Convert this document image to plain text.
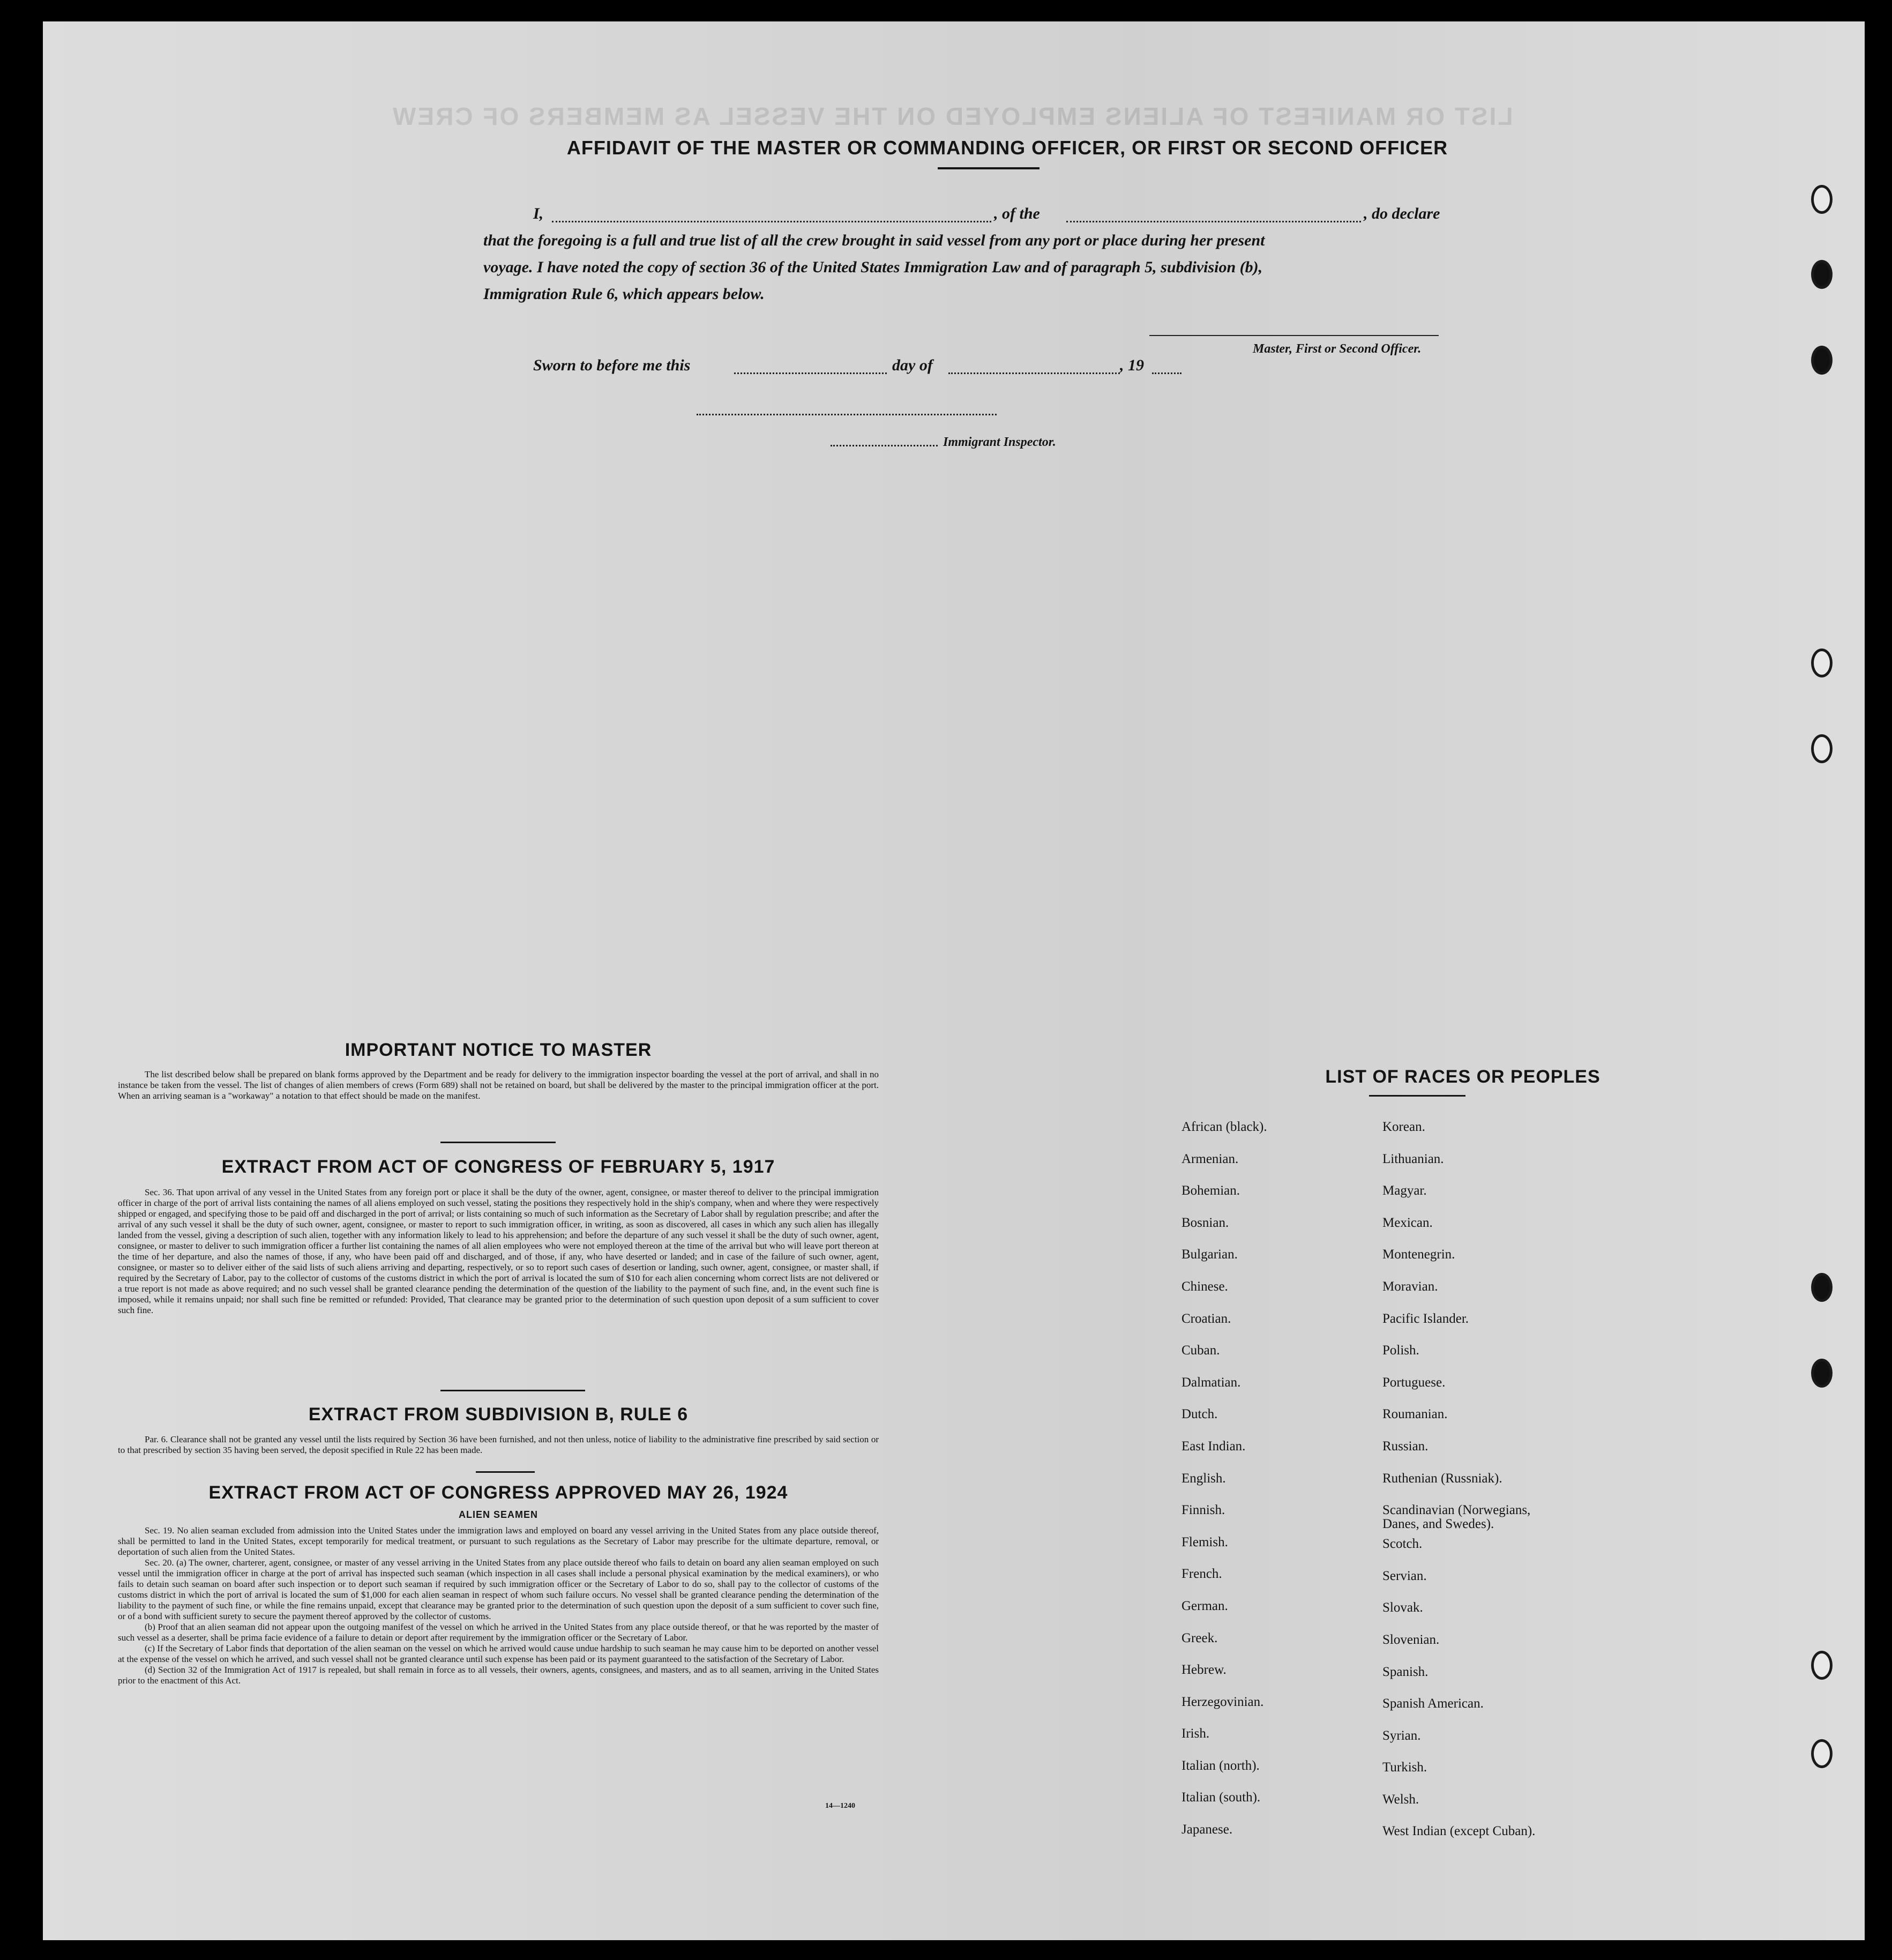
LIST OR MANIFEST OF ALIENS EMPLOYED ON THE VESSEL AS MEMBERS OF CREW
AFFIDAVIT OF THE MASTER OR COMMANDING OFFICER, OR FIRST OR SECOND OFFICER
I,	, of the	, do declare
that the foregoing is a full and true list of all the crew brought in said vessel from any port or place during her present
voyage. I have noted the copy of section 36 of the United States Immigration Law and of paragraph 5, subdivision (b),
Immigration Rule 6, which appears below.
Master, First or Second Officer.
Sworn to before me this	day of	, 19
Immigrant Inspector.
IMPORTANT NOTICE TO MASTER

The list described below shall be prepared on blank forms approved by the Department and be ready for delivery to the immigration inspector boarding the vessel at the port of arrival, and shall in no instance be taken from the vessel. The list of changes of alien members of crews (Form 689) shall not be retained on board, but shall be delivered by the master to the principal immigration officer at the port. When an arriving seaman is a "workaway" a notation to that effect should be made on the manifest.

EXTRACT FROM ACT OF CONGRESS OF FEBRUARY 5, 1917

Sec. 36. That upon arrival of any vessel in the United States from any foreign port or place it shall be the duty of the owner, agent, consignee, or master thereof to deliver to the principal immigration officer in charge of the port of arrival lists containing the names of all aliens employed on such vessel, stating the positions they respectively hold in the ship's company, when and where they were respectively shipped or engaged, and specifying those to be paid off and discharged in the port of arrival; or lists containing so much of such information as the Secretary of Labor shall by regulation prescribe; and after the arrival of any such vessel it shall be the duty of such owner, agent, consignee, or master to report to such immigration officer, in writing, as soon as discovered, all cases in which any such alien has illegally landed from the vessel, giving a description of such alien, together with any information likely to lead to his apprehension; and before the departure of any such vessel it shall be the duty of such owner, agent, consignee, or master to deliver to such immigration officer a further list containing the names of all alien employees who were not employed thereon at the time of the arrival but who will leave port thereon at the time of her departure, and also the names of those, if any, who have been paid off and discharged, and of those, if any, who have deserted or landed; and in case of the failure of such owner, agent, consignee, or master so to deliver either of the said lists of such aliens arriving and departing, respectively, or so to report such cases of desertion or landing, such owner, agent, consignee, or master shall, if required by the Secretary of Labor, pay to the collector of customs of the customs district in which the port of arrival is located the sum of $10 for each alien concerning whom correct lists are not delivered or a true report is not made as above required; and no such vessel shall be granted clearance pending the determination of the question of the liability to the payment of such fine, and, in the event such fine is imposed, while it remains unpaid; nor shall such fine be remitted or refunded: Provided, That clearance may be granted prior to the determination of such question upon deposit of a sum sufficient to cover such fine.

EXTRACT FROM SUBDIVISION B, RULE 6

Par. 6. Clearance shall not be granted any vessel until the lists required by Section 36 have been furnished, and not then unless, notice of liability to the administrative fine prescribed by said section or to that prescribed by section 35 having been served, the deposit specified in Rule 22 has been made.

EXTRACT FROM ACT OF CONGRESS APPROVED MAY 26, 1924
ALIEN SEAMEN

Sec. 19. No alien seaman excluded from admission into the United States under the immigration laws and employed on board any vessel arriving in the United States from any place outside thereof, shall be permitted to land in the United States, except temporarily for medical treatment, or pursuant to such regulations as the Secretary of Labor may prescribe for the ultimate departure, removal, or deportation of such alien from the United States.

Sec. 20. (a) The owner, charterer, agent, consignee, or master of any vessel arriving in the United States from any place outside thereof who fails to detain on board any alien seaman employed on such vessel until the immigration officer in charge at the port of arrival has inspected such seaman (which inspection in all cases shall include a personal physical examination by the medical examiners), or who fails to detain such seaman on board after such inspection or to deport such seaman if required by such immigration officer or the Secretary of Labor to do so, shall pay to the collector of customs of the customs district in which the port of arrival is located the sum of $1,000 for each alien seaman in respect of whom such failure occurs. No vessel shall be granted clearance pending the determination of the liability to the payment of such fine, or while the fine remains unpaid, except that clearance may be granted prior to the determination of such question upon the deposit of a sum sufficient to cover such fine, or of a bond with sufficient surety to secure the payment thereof approved by the collector of customs.

(b) Proof that an alien seaman did not appear upon the outgoing manifest of the vessel on which he arrived in the United States from any place outside thereof, or that he was reported by the master of such vessel as a deserter, shall be prima facie evidence of a failure to detain or deport after requirement by the immigration officer or the Secretary of Labor.

(c) If the Secretary of Labor finds that deportation of the alien seaman on the vessel on which he arrived would cause undue hardship to such seaman he may cause him to be deported on another vessel at the expense of the vessel on which he arrived, and such vessel shall not be granted clearance until such expense has been paid or its payment guaranteed to the satisfaction of the Secretary of Labor.

(d) Section 32 of the Immigration Act of 1917 is repealed, but shall remain in force as to all vessels, their owners, agents, consignees, and masters, and as to all seamen, arriving in the United States prior to the enactment of this Act.

14—1240
LIST OF RACES OR PEOPLES
African (black).
Armenian.
Bohemian.
Bosnian.
Bulgarian.
Chinese.
Croatian.
Cuban.
Dalmatian.
Dutch.
East Indian.
English.
Finnish.
Flemish.
French.
German.
Greek.
Hebrew.
Herzegovinian.
Irish.
Italian (north).
Italian (south).
Japanese.
Korean.
Lithuanian.
Magyar.
Mexican.
Montenegrin.
Moravian.
Pacific Islander.
Polish.
Portuguese.
Roumanian.
Russian.
Ruthenian (Russniak).
Scandinavian (Norwegians,
Danes, and Swedes).
Scotch.
Servian.
Slovak.
Slovenian.
Spanish.
Spanish American.
Syrian.
Turkish.
Welsh.
West Indian (except Cuban).
